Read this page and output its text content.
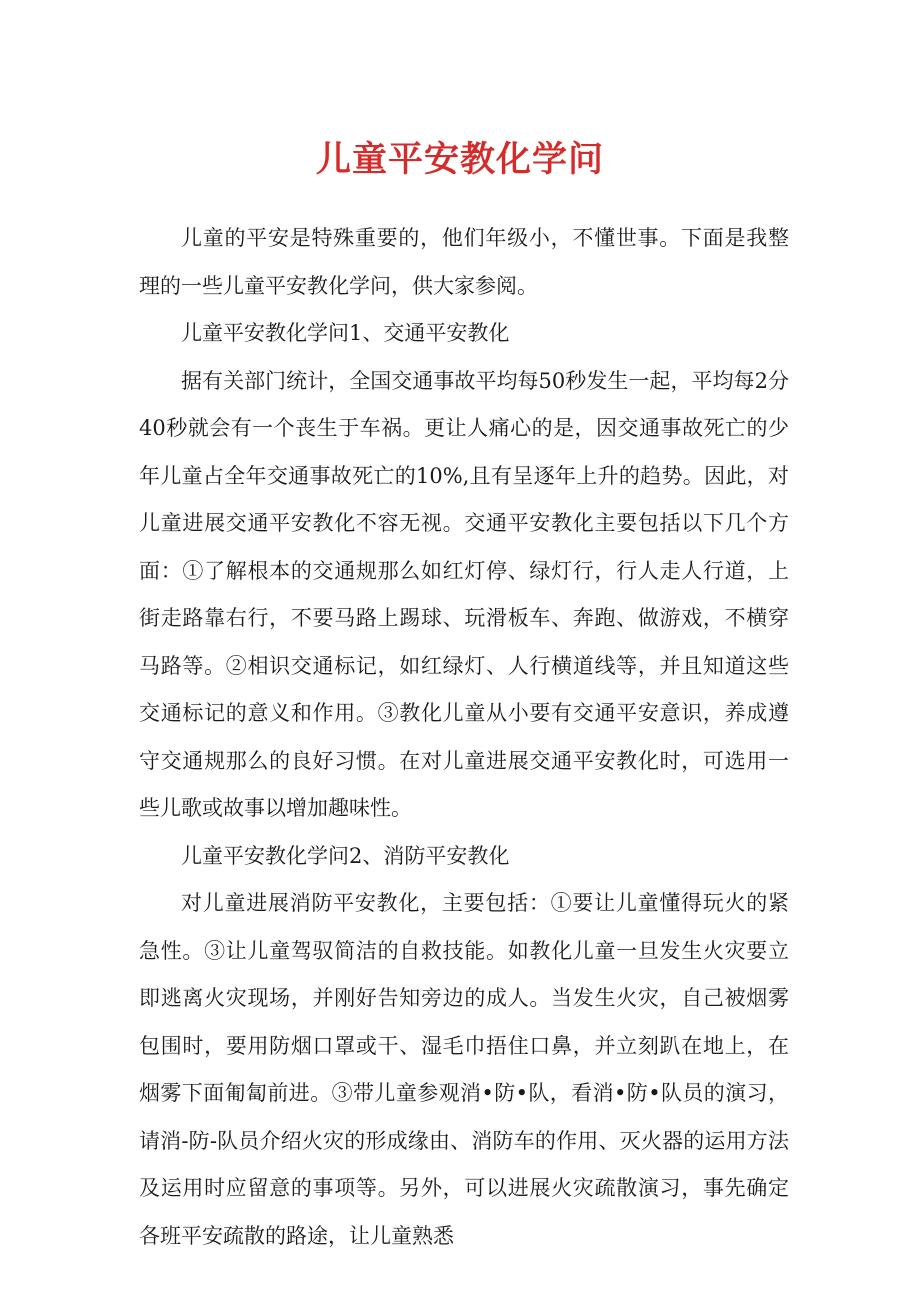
儿童平安教化学问

儿童的平安是特殊重要的，他们年级小，不懂世事。下面是我整理的一些儿童平安教化学问，供大家参阅。

儿童平安教化学问1、交通平安教化

据有关部门统计，全国交通事故平均每50秒发生一起，平均每2分40秒就会有一个丧生于车祸。更让人痛心的是，因交通事故死亡的少年儿童占全年交通事故死亡的10%,且有呈逐年上升的趋势。因此，对儿童进展交通平安教化不容无视。交通平安教化主要包括以下几个方面：①了解根本的交通规那么如红灯停、绿灯行，行人走人行道，上街走路靠右行，不要马路上踢球、玩滑板车、奔跑、做游戏，不横穿马路等。②相识交通标记，如红绿灯、人行横道线等，并且知道这些交通标记的意义和作用。③教化儿童从小要有交通平安意识，养成遵守交通规那么的良好习惯。在对儿童进展交通平安教化时，可选用一些儿歌或故事以增加趣味性。

儿童平安教化学问2、消防平安教化

对儿童进展消防平安教化，主要包括：①要让儿童懂得玩火的紧急性。③让儿童驾驭简洁的自救技能。如教化儿童一旦发生火灾要立即逃离火灾现场，并刚好告知旁边的成人。当发生火灾，自己被烟雾包围时，要用防烟口罩或干、湿毛巾捂住口鼻，并立刻趴在地上，在烟雾下面匍匐前进。③带儿童参观消•防•队，看消•防•队员的演习，请消-防-队员介绍火灾的形成缘由、消防车的作用、灭火器的运用方法及运用时应留意的事项等。另外，可以进展火灾疏散演习，事先确定各班平安疏散的路途，让儿童熟悉
